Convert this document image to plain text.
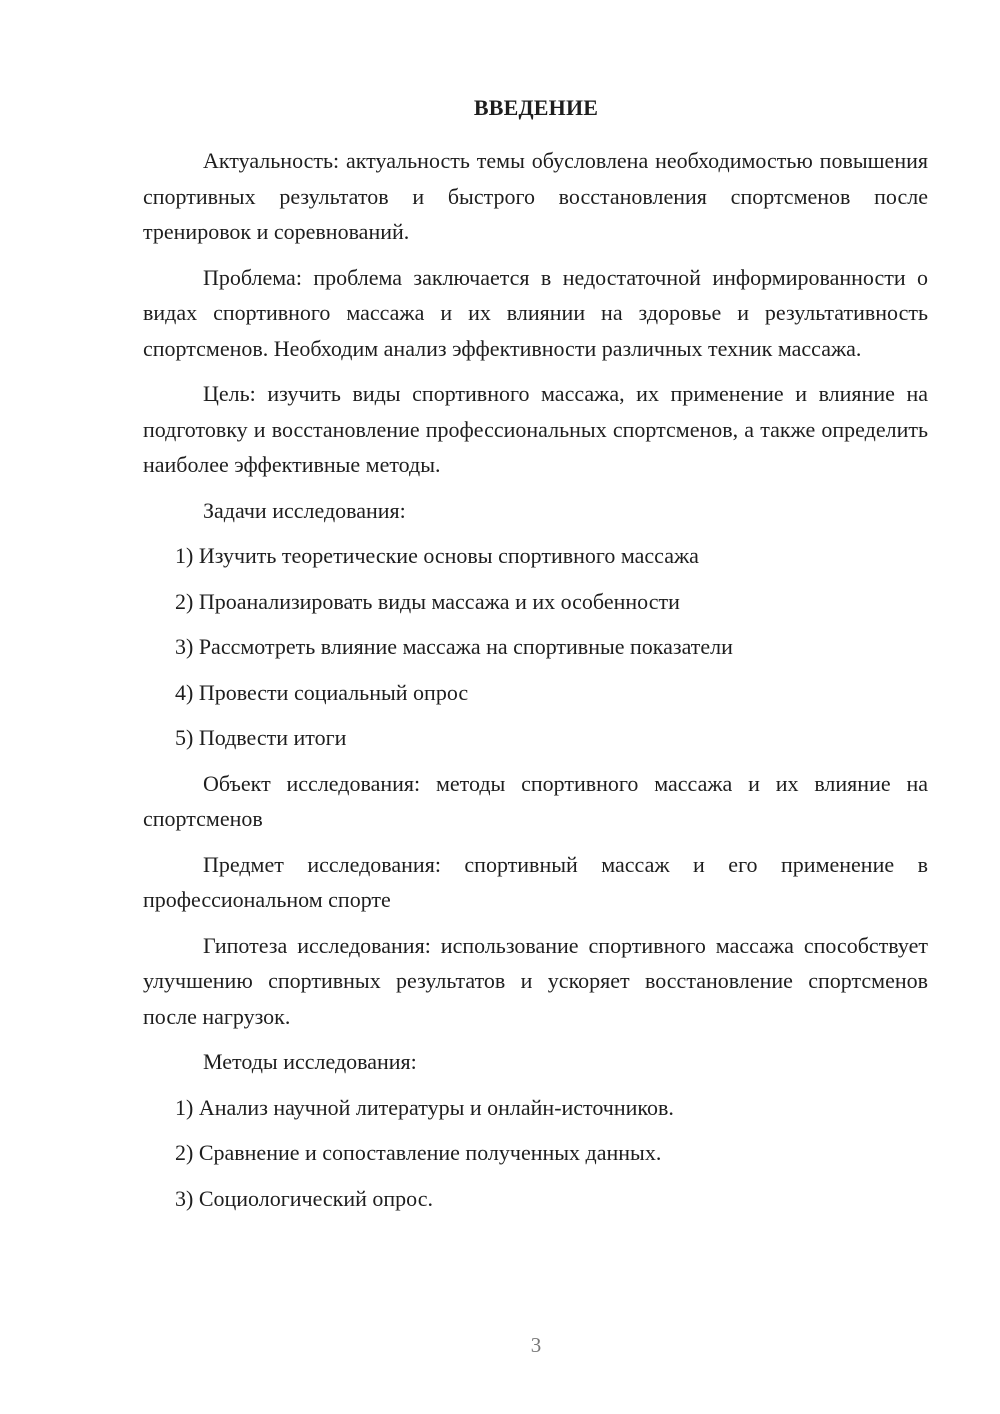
ВВЕДЕНИЕ

Актуальность: актуальность темы обусловлена необходимостью повышения спортивных результатов и быстрого восстановления спортсменов после тренировок и соревнований.

Проблема: проблема заключается в недостаточной информированности о видах спортивного массажа и их влиянии на здоровье и результативность спортсменов. Необходим анализ эффективности различных техник массажа.

Цель: изучить виды спортивного массажа, их применение и влияние на подготовку и восстановление профессиональных спортсменов, а также определить наиболее эффективные методы.

Задачи исследования:

1) Изучить теоретические основы спортивного массажа
2) Проанализировать виды массажа и их особенности
3) Рассмотреть влияние массажа на спортивные показатели
4) Провести социальный опрос
5) Подвести итоги

Объект исследования: методы спортивного массажа и их влияние на спортсменов

Предмет исследования: спортивный массаж и его применение в профессиональном спорте

Гипотеза исследования: использование спортивного массажа способствует улучшению спортивных результатов и ускоряет восстановление спортсменов после нагрузок.

Методы исследования:

1) Анализ научной литературы и онлайн-источников.
2) Сравнение и сопоставление полученных данных.
3) Социологический опрос.
3
